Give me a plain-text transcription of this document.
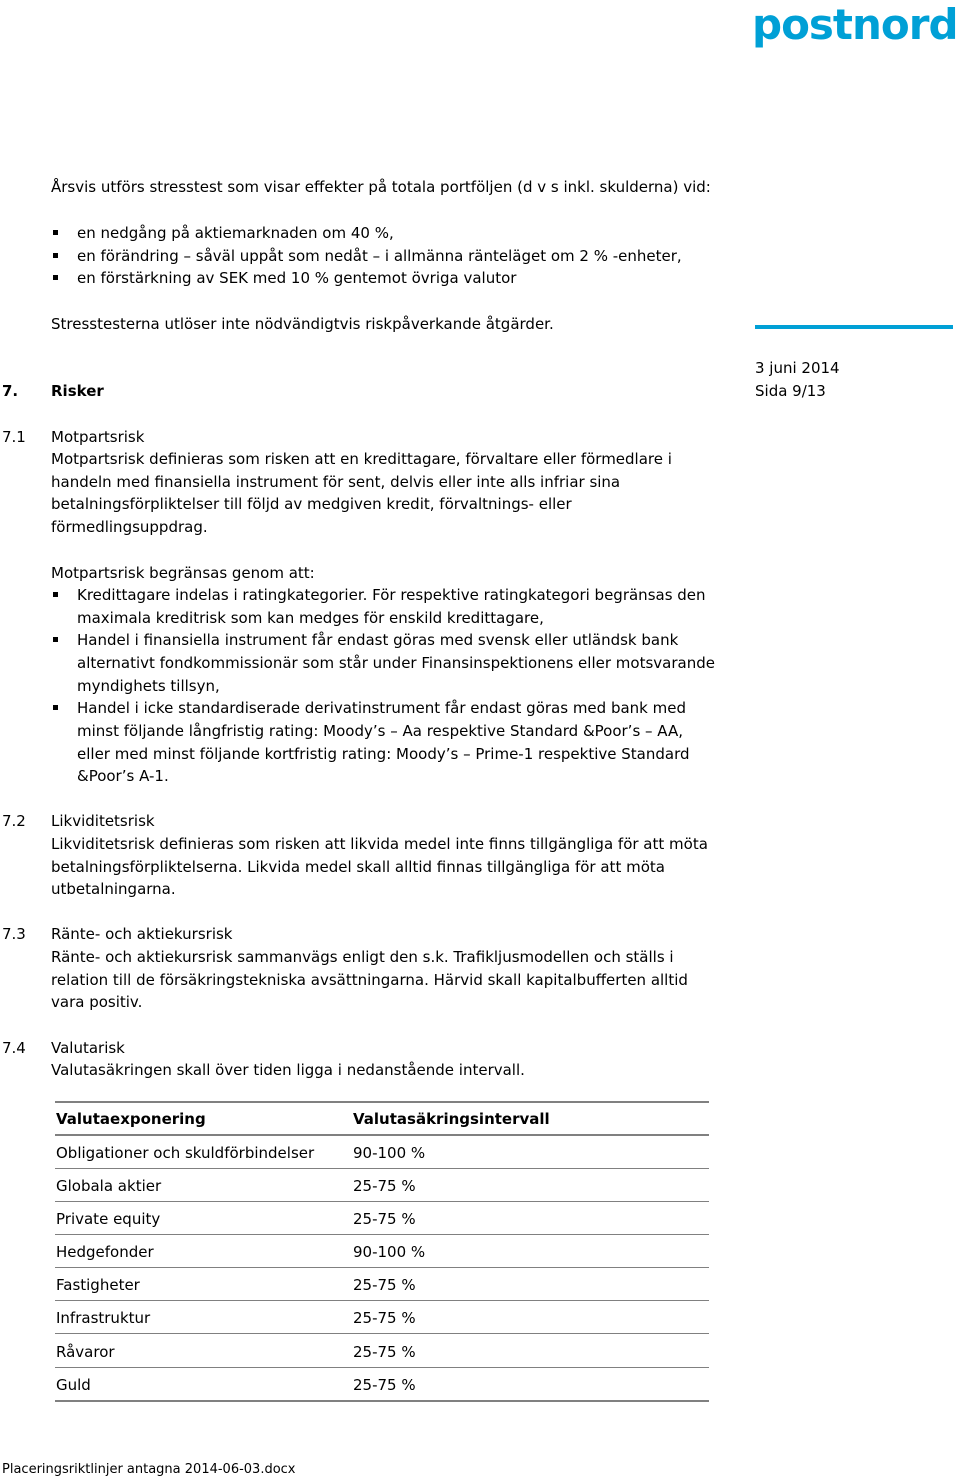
postnord
3 juni 2014
Sida 9/13
Årsvis utförs stresstest som visar effekter på totala portföljen (d v s inkl. skulderna) vid:
en nedgång på aktiemarknaden om 40 %,
en förändring – såväl uppåt som nedåt – i allmänna ränteläget om 2 % -enheter,
en förstärkning av SEK med 10 % gentemot övriga valutor
Stresstesterna utlöser inte nödvändigtvis riskpåverkande åtgärder.
7. Risker
7.1 Motpartsrisk
Motpartsrisk definieras som risken att en kredittagare, förvaltare eller förmedlare i
handeln med finansiella instrument för sent, delvis eller inte alls infriar sina
betalningsförpliktelser till följd av medgiven kredit, förvaltnings- eller
förmedlingsuppdrag.
Motpartsrisk begränsas genom att:
Kredittagare indelas i ratingkategorier. För respektive ratingkategori begränsas den
maximala kreditrisk som kan medges för enskild kredittagare,
Handel i finansiella instrument får endast göras med svensk eller utländsk bank
alternativt fondkommissionär som står under Finansinspektionens eller motsvarande
myndighets tillsyn,
Handel i icke standardiserade derivatinstrument får endast göras med bank med
minst följande långfristig rating: Moody’s – Aa respektive Standard &Poor’s – AA,
eller med minst följande kortfristig rating: Moody’s – Prime-1 respektive Standard
&Poor’s A-1.
7.2 Likviditetsrisk
Likviditetsrisk definieras som risken att likvida medel inte finns tillgängliga för att möta
betalningsförpliktelserna. Likvida medel skall alltid finnas tillgängliga för att möta
utbetalningarna.
7.3 Ränte- och aktiekursrisk
Ränte- och aktiekursrisk sammanvägs enligt den s.k. Trafikljusmodellen och ställs i
relation till de försäkringstekniska avsättningarna. Härvid skall kapitalbufferten alltid
vara positiv.
7.4 Valutarisk
Valutasäkringen skall över tiden ligga i nedanstående intervall.
Valutaexponering	Valutasäkringsintervall
Obligationer och skuldförbindelser	90-100 %
Globala aktier	25-75 %
Private equity	25-75 %
Hedgefonder	90-100 %
Fastigheter	25-75 %
Infrastruktur	25-75 %
Råvaror	25-75 %
Guld	25-75 %
Placeringsriktlinjer antagna 2014-06-03.docx
